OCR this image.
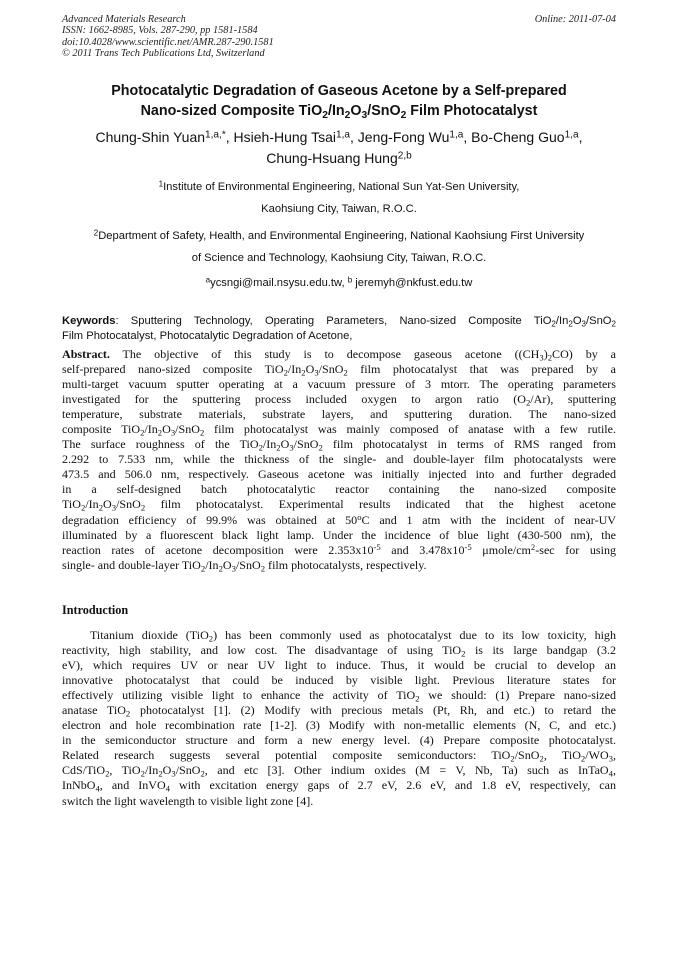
Advanced Materials Research
ISSN: 1662-8985, Vols. 287-290, pp 1581-1584
doi:10.4028/www.scientific.net/AMR.287-290.1581
© 2011 Trans Tech Publications Ltd, Switzerland
Online: 2011-07-04
Photocatalytic Degradation of Gaseous Acetone by a Self-prepared
Nano-sized Composite $TiO_2/In_2O_3/SnO_2$ Film Photocatalyst
Chung-Shin Yuan$^{1,a,*}$, Hsieh-Hung Tsai$^{1,a}$, Jeng-Fong Wu$^{1,a}$, Bo-Cheng Guo$^{1,a}$,
Chung-Hsuang Hung$^{2,b}$
$^1$Institute of Environmental Engineering, National Sun Yat-Sen University,
Kaohsiung City, Taiwan, R.O.C.
$^2$Department of Safety, Health, and Environmental Engineering, National Kaohsiung First University
of Science and Technology, Kaohsiung City, Taiwan, R.O.C.
$^a$ycsngi@mail.nsysu.edu.tw, $^b$ jeremyh@nkfust.edu.tw
Keywords: Sputtering Technology, Operating Parameters, Nano-sized Composite $TiO_2/In_2O_3/SnO_2$
Film Photocatalyst, Photocatalytic Degradation of Acetone,
Abstract. The objective of this study is to decompose gaseous acetone $((CH_3)_2CO)$ by a
self-prepared nano-sized composite $TiO_2/In_2O_3/SnO_2$ film photocatalyst that was prepared by a
multi-target vacuum sputter operating at a vacuum pressure of 3 mtorr. The operating parameters
investigated for the sputtering process included oxygen to argon ratio $(O_2/Ar)$, sputtering
temperature, substrate materials, substrate layers, and sputtering duration. The nano-sized
composite $TiO_2/In_2O_3/SnO_2$ film photocatalyst was mainly composed of anatase with a few rutile.
The surface roughness of the $TiO_2/In_2O_3/SnO_2$ film photocatalyst in terms of RMS ranged from
2.292 to 7.533 nm, while the thickness of the single- and double-layer film photocatalysts were
473.5 and 506.0 nm, respectively. Gaseous acetone was initially injected into and further degraded
in a self-designed batch photocatalytic reactor containing the nano-sized composite
$TiO_2/In_2O_3/SnO_2$ film photocatalyst. Experimental results indicated that the highest acetone
degradation efficiency of 99.9% was obtained at 50$^o$C and 1 atm with the incident of near-UV
illuminated by a fluorescent black light lamp. Under the incidence of blue light (430-500 nm), the
reaction rates of acetone decomposition were $2.353x10^{-5}$ and $3.478x10^{-5}$ μmole/$cm^2-\sec$ for using
single- and double-layer $TiO_2/In_2O_3/SnO_2$ film photocatalysts, respectively.
Introduction
Titanium dioxide (TiO$_2$) has been commonly used as photocatalyst due to its low toxicity, high
reactivity, high stability, and low cost. The disadvantage of using TiO$_2$ is its large bandgap (3.2
eV), which requires UV or near UV light to induce. Thus, it would be crucial to develop an
innovative photocatalyst that could be induced by visible light. Previous literature states for
effectively utilizing visible light to enhance the activity of TiO$_2$ we should: (1) Prepare nano-sized
anatase TiO$_2$ photocatalyst [1]. (2) Modify with precious metals (Pt, Rh, and etc.) to retard the
electron and hole recombination rate [1-2]. (3) Modify with non-metallic elements (N, C, and etc.)
in the semiconductor structure and form a new energy level. (4) Prepare composite photocatalyst.
Related research suggests several potential composite semiconductors: TiO$_2$/SnO$_2$, $TiO_2/WO_3$,
CdS/TiO$_2$, $TiO_2/In_2O_3/SnO_2$, and etc [3]. Other indium oxides (M = V, Nb, Ta) such as InTaO$_4$,
InNbO$_4$, and InVO$_4$ with excitation energy gaps of 2.7 eV, 2.6 eV, and 1.8 eV, respectively, can
switch the light wavelength to visible light zone [4].
